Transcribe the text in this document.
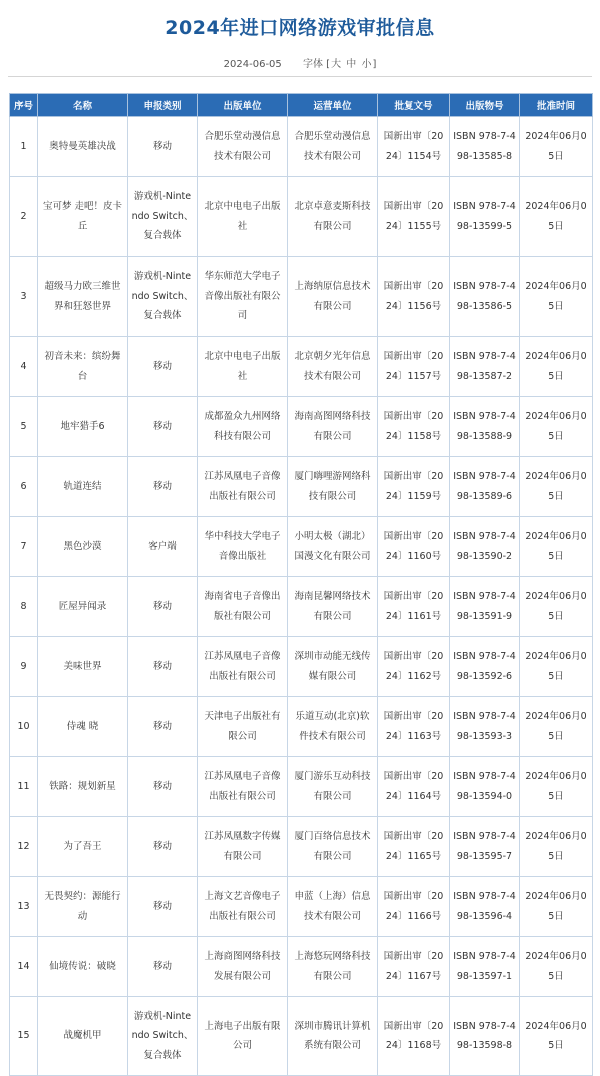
2024年进口网络游戏审批信息
2024-06-05 字体 [大 中 小]
序号	名称	申报类别	出版单位	运营单位	批复文号	出版物号	批准时间
1	奥特曼英雄决战	移动	合肥乐堂动漫信息技术有限公司	合肥乐堂动漫信息技术有限公司	国新出审〔2024〕1154号	ISBN 978-7-498-13585-8	2024年06月05日
2	宝可梦 走吧！皮卡丘	游戏机-Nintendo Switch、复合载体	北京中电电子出版社	北京卓意麦斯科技有限公司	国新出审〔2024〕1155号	ISBN 978-7-498-13599-5	2024年06月05日
3	超级马力欧三维世界和狂怒世界	游戏机-Nintendo Switch、复合载体	华东师范大学电子音像出版社有限公司	上海纳原信息技术有限公司	国新出审〔2024〕1156号	ISBN 978-7-498-13586-5	2024年06月05日
4	初音未来：缤纷舞台	移动	北京中电电子出版社	北京朝夕光年信息技术有限公司	国新出审〔2024〕1157号	ISBN 978-7-498-13587-2	2024年06月05日
5	地牢猎手6	移动	成都盈众九州网络科技有限公司	海南高图网络科技有限公司	国新出审〔2024〕1158号	ISBN 978-7-498-13588-9	2024年06月05日
6	轨道连结	移动	江苏凤凰电子音像出版社有限公司	厦门嗨哩游网络科技有限公司	国新出审〔2024〕1159号	ISBN 978-7-498-13589-6	2024年06月05日
7	黑色沙漠	客户端	华中科技大学电子音像出版社	小明太极（湖北）国漫文化有限公司	国新出审〔2024〕1160号	ISBN 978-7-498-13590-2	2024年06月05日
8	匠屋异闻录	移动	海南省电子音像出版社有限公司	海南昆馨网络技术有限公司	国新出审〔2024〕1161号	ISBN 978-7-498-13591-9	2024年06月05日
9	美味世界	移动	江苏凤凰电子音像出版社有限公司	深圳市动能无线传媒有限公司	国新出审〔2024〕1162号	ISBN 978-7-498-13592-6	2024年06月05日
10	侍魂 晓	移动	天津电子出版社有限公司	乐道互动(北京)软件技术有限公司	国新出审〔2024〕1163号	ISBN 978-7-498-13593-3	2024年06月05日
11	铁路：规划新星	移动	江苏凤凰电子音像出版社有限公司	厦门游乐互动科技有限公司	国新出审〔2024〕1164号	ISBN 978-7-498-13594-0	2024年06月05日
12	为了吾王	移动	江苏凤凰数字传媒有限公司	厦门百络信息技术有限公司	国新出审〔2024〕1165号	ISBN 978-7-498-13595-7	2024年06月05日
13	无畏契约：源能行动	移动	上海文艺音像电子出版社有限公司	申蓝（上海）信息技术有限公司	国新出审〔2024〕1166号	ISBN 978-7-498-13596-4	2024年06月05日
14	仙境传说：破晓	移动	上海商图网络科技发展有限公司	上海悠玩网络科技有限公司	国新出审〔2024〕1167号	ISBN 978-7-498-13597-1	2024年06月05日
15	战魔机甲	游戏机-Nintendo Switch、复合载体	上海电子出版有限公司	深圳市腾讯计算机系统有限公司	国新出审〔2024〕1168号	ISBN 978-7-498-13598-8	2024年06月05日
